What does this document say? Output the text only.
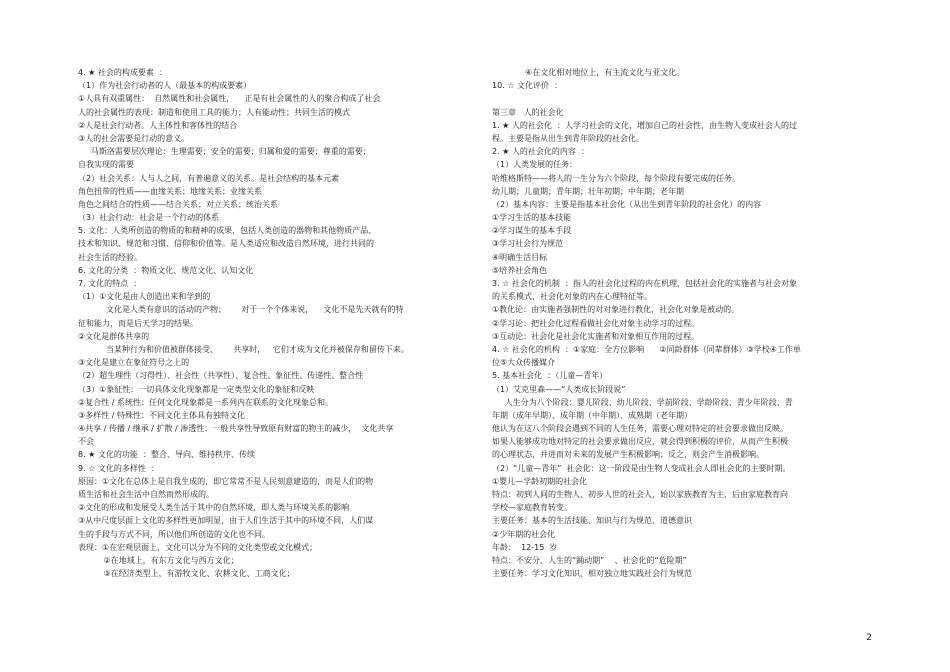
4. ★ 社会的构成要素  ：
（1）作为社会行动者的人（最基本的构成要素）
①人具有双重属性：  自然属性和社会属性，    正是有社会属性的人的聚合构成了社会
人的社会属性的表现：制造和使用工具的能力；人有能动性；共同生活的模式
②人是社会行动者。人主体性和客体性的结合
③人的社会需要是行动的意义。
马斯洛需要层次理论：生理需要；安全的需要；归属和爱的需要；尊重的需要；
自我实现的需要
（2）社会关系：人与人之间，有普遍意义的关系。是社会结构的基本元素
角色扭带的性质——血缘关系；地缘关系；业缘关系
角色之间结合的性质——结合关系；对立关系；统治关系
（3）社会行动：社会是一个行动的体系
5. 文化：人类所创造的物质的和精神的成果，包括人类创造的器物和其他物质产品、
技术和知识、规范和习惯、信仰和价值等。是人类适应和改造自然环境，进行共同的
社会生活的经验。
6. 文化的分类  ：物质文化、规范文化、认知文化
7. 文化的特点  ：
（1）①文化是由人创造出来和学到的
文化是人类有意识的活动的产物；      对于一个个体来说，    文化不是先天就有的特
征和能力，而是后天学习的结果。
②文化是群体共享的
当某种行为和价值被群体接受、      共享时，   它们才成为文化并被保存和留传下来。
③文化是建立在象征符号之上的
（2）超生理性（习得性）、社会性（共享性）、复合性、象征性、传递性、整合性
（3）①象征性：一切具体文化现象都是一定类型文化的象征和反映
②复合性 / 系统性：任何文化现象都是一系列内在联系的文化现象总和。
③多样性 / 特殊性：不同文化主体具有独特文化
④共享 / 传播 / 继承 / 扩散 / 渗透性：一般共享性导致原有财富的物主的减少，  文化共享
不会
8. ★ 文化的功能  ：整合、导向、维持秩序、传续
9. ☆ 文化的多样性  ：
原因：①文化在总体上是自我生成的，即它常常不是人民刻意建造的，而是人们的物
质生活和社会生活中自然而然形成的。
②文化的形成和发展受人类生活于其中的自然环境，即人类与环境关系的影响
③从中尺度层面上文化的多样性更加明显，由于人们生活于其中的环境不同，人们谋
生的手段与方式不同，所以他们所创造的文化也不同。
表现：①在宏观层面上，文化可以分为不同的文化类型或文化模式；
②在地域上，有东方文化与西方文化；
③在经济类型上，有游牧文化、农耕文化、工商文化；
④在文化相对地位上，有主流文化与亚文化。
10. ☆ 文化评价  ：
第三章   人的社会化
1. ★ 人的社会化  ：人学习社会的文化，增加自己的社会性，由生物人变成社会人的过
程。主要是指从出生到青年阶段的社会化。
2. ★ 人的社会化的内容  ：
（1）人类发展的任务：
哈维格斯特——将人的一生分为六个阶段，每个阶段有要完成的任务。
幼儿期；儿童期；青年期；壮年初期；中年期；老年期
（2）基本内容：主要是指基本社会化（从出生到青年阶段的社会化）的内容
①学习生活的基本技能
②学习谋生的基本手段
③学习社会行为规范
④明确生活目标
⑤培养社会角色
3. ☆ 社会化的机制  ：指人的社会化过程的内在机理，包括社会化的实施者与社会对象
的关系模式，社会化对象的内在心理特征等。
①教化论：由实施者强制性的对对象进行教化，社会化对象是被动的。
②学习论：把社会化过程看做社会化对象主动学习的过程。
③互动论：社会化是社会化实施者和对象相互作用的过程。
4. ☆ 社会化的机构  ：①家庭：全方位影响      ②同龄群体（同辈群体）③学校④工作单
位⑤大众传播媒介
5. 基本社会化  ：（儿童—青年）
（1）艾克里森——“人类成长阶段说”
人生分为八个阶段：婴儿阶段、幼儿阶段、学前阶段、学龄阶段、青少年阶段、青
年期（成年早期）、成年期（中年期）、成熟期（老年期）
他认为在这八个阶段会遇到不同的人生任务，需要心理对特定的社会要求做出反映。
如果人能够成功地对特定的社会要求做出反应，就会得到积极的评价，从而产生积极
的心理状态，并进而对未来的发展产生积极影响；反之，则会产生消极影响。
（2）“儿童—青年”  社会化：这一阶段是由生物人变成社会人即社会化的主要时期。
①婴儿—学龄初期的社会化
特点：初到人间的生物人、初步人世的社会人，始以家族教育为主，后由家庭教育向
学校—家庭教育转变。
主要任务：基本的生活技能、知识与行为规范、道德意识
②少年期的社会化
年龄：  12-15  岁
特点：不安分、人生的“踊动期”    、社会化的“危险期”
主要任务：学习文化知识、相对独立地实践社会行为规范
2
